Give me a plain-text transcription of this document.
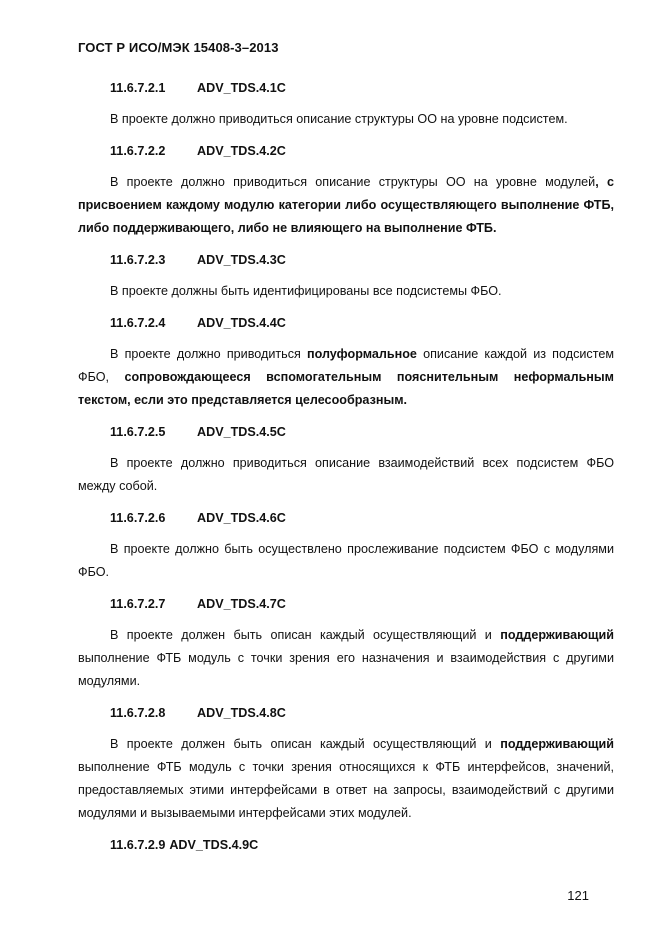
ГОСТ Р ИСО/МЭК 15408-3–2013
11.6.7.2.1	ADV_TDS.4.1C

В проекте должно приводиться описание структуры ОО на уровне подсистем.

11.6.7.2.2	ADV_TDS.4.2C

В проекте должно приводиться описание структуры ОО на уровне модулей, с присвоением каждому модулю категории либо осуществляющего выполнение ФТБ, либо поддерживающего, либо не влияющего на выполнение ФТБ.

11.6.7.2.3	ADV_TDS.4.3C

В проекте должны быть идентифицированы все подсистемы ФБО.

11.6.7.2.4	ADV_TDS.4.4C

В проекте должно приводиться полуформальное описание каждой из подсистем ФБО, сопровождающееся вспомогательным пояснительным неформальным текстом, если это представляется целесообразным.

11.6.7.2.5	ADV_TDS.4.5C

В проекте должно приводиться описание взаимодействий всех подсистем ФБО между собой.

11.6.7.2.6	ADV_TDS.4.6C

В проекте должно быть осуществлено прослеживание подсистем ФБО с модулями ФБО.

11.6.7.2.7	ADV_TDS.4.7C

В проекте должен быть описан каждый осуществляющий и поддерживающий выполнение ФТБ модуль с точки зрения его назначения и взаимодействия с другими модулями.

11.6.7.2.8	ADV_TDS.4.8C

В проекте должен быть описан каждый осуществляющий и поддерживающий выполнение ФТБ модуль с точки зрения относящихся к ФТБ интерфейсов, значений, предоставляемых этими интерфейсами в ответ на запросы, взаимодействий с другими модулями и вызываемыми интерфейсами этих модулей.

11.6.7.2.9 ADV_TDS.4.9C
121
